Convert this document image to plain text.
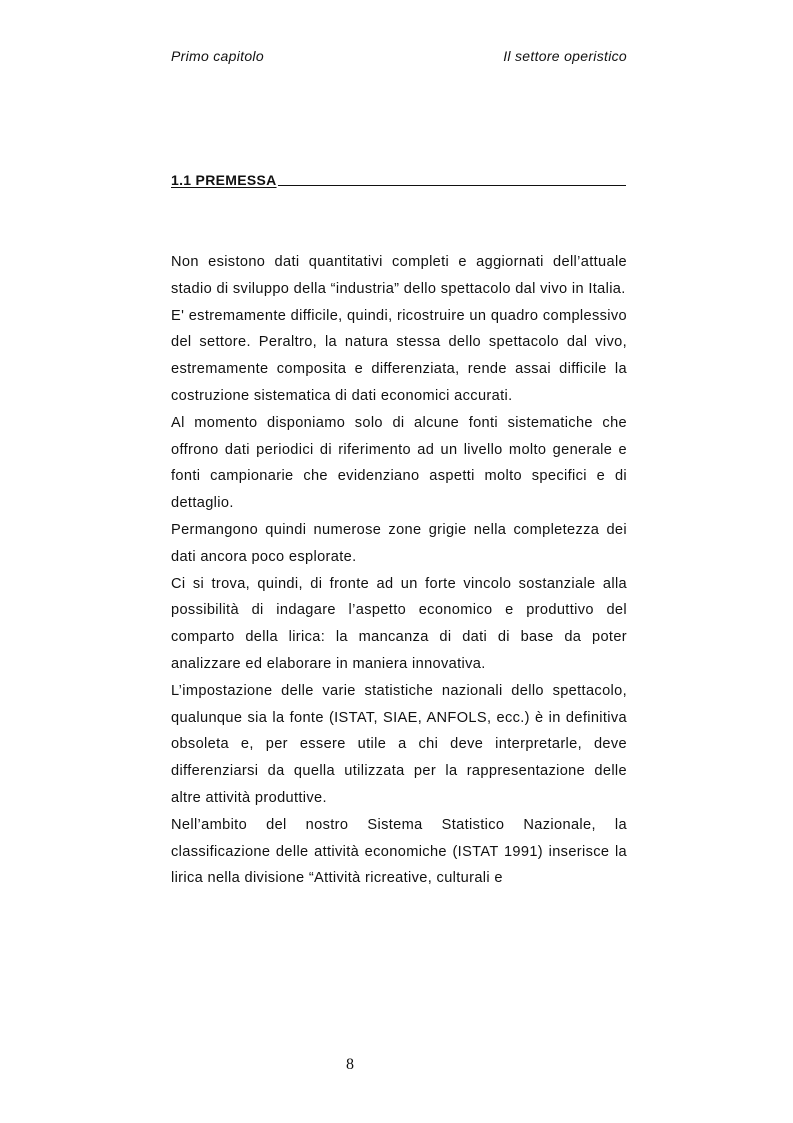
Primo capitolo	Il settore operistico
1.1 PREMESSA

Non esistono dati quantitativi completi e aggiornati dell’attuale stadio di sviluppo della “industria” dello spettacolo dal vivo in Italia.

E' estremamente difficile, quindi, ricostruire un quadro complessivo del settore. Peraltro, la natura stessa dello spettacolo dal vivo, estremamente composita e differenziata, rende assai difficile la costruzione sistematica di dati economici accurati.

Al momento disponiamo solo di alcune fonti sistematiche che offrono dati periodici di riferimento ad un livello molto generale e fonti campionarie che evidenziano aspetti molto specifici e di dettaglio.

Permangono quindi numerose zone grigie nella completezza dei dati ancora poco esplorate.

Ci si trova, quindi, di fronte ad un forte vincolo sostanziale alla possibilità di indagare l’aspetto economico e produttivo del comparto della lirica: la mancanza di dati di base da poter analizzare ed elaborare in maniera innovativa.

L’impostazione delle varie statistiche nazionali dello spettacolo, qualunque sia la fonte (ISTAT, SIAE, ANFOLS, ecc.) è in definitiva obsoleta e, per essere utile a chi deve interpretarle, deve differenziarsi da quella utilizzata per la rappresentazione delle altre attività produttive.

Nell’ambito del nostro Sistema Statistico Nazionale, la classificazione delle attività economiche (ISTAT 1991) inserisce la lirica nella divisione “Attività ricreative, culturali e

8
